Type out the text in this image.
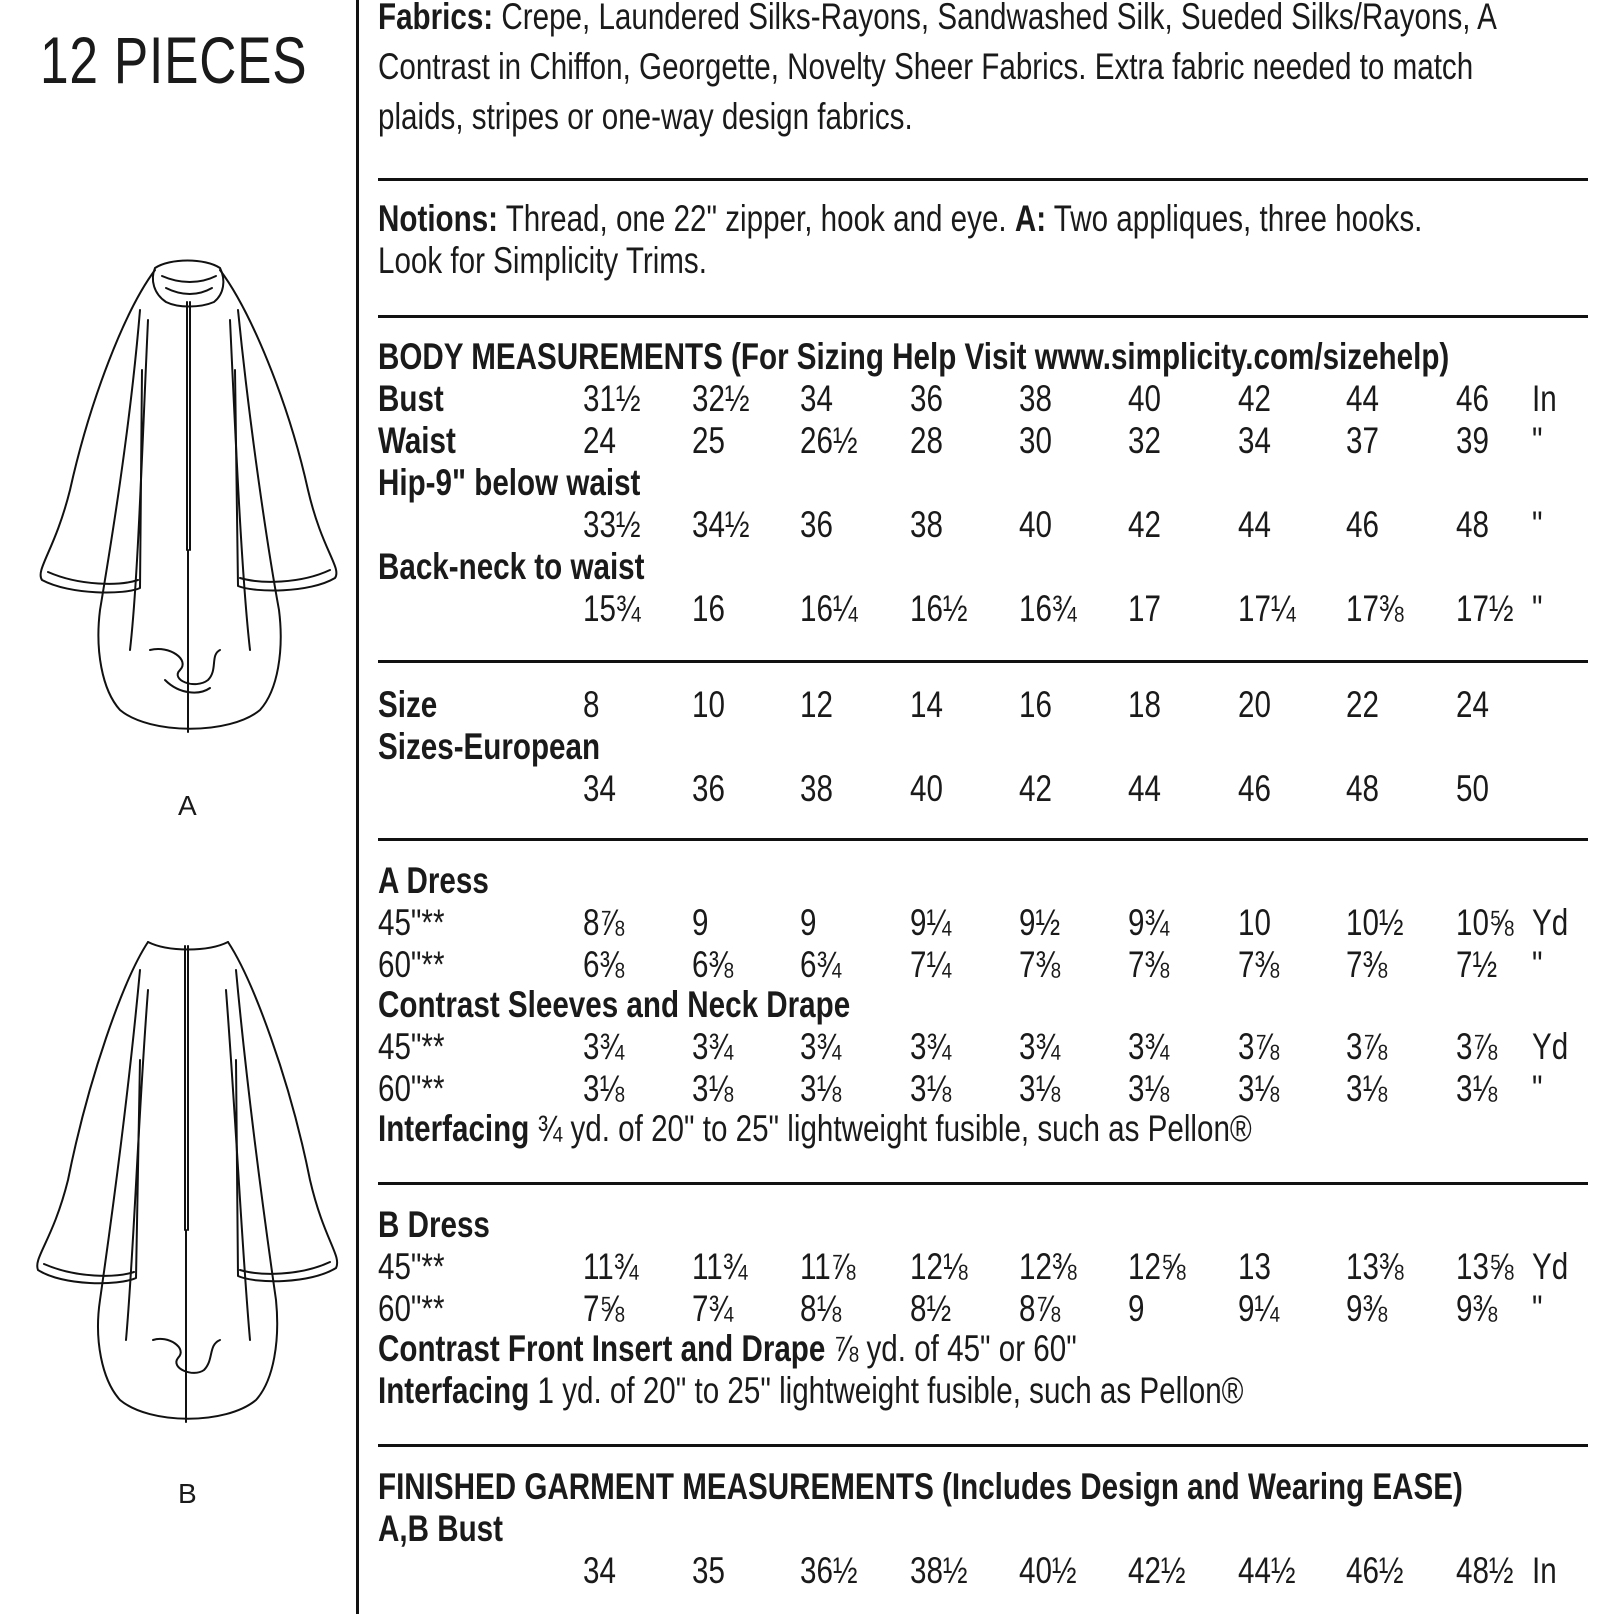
12 PIECES
A
B
Fabrics: Crepe, Laundered Silks-Rayons, Sandwashed Silk, Sueded Silks/Rayons, A
Contrast in Chiffon, Georgette, Novelty Sheer Fabrics. Extra fabric needed to match
plaids, stripes or one-way design fabrics.
Notions: Thread, one 22" zipper, hook and eye. A: Two appliques, three hooks.
Look for Simplicity Trims.
BODY MEASUREMENTS (For Sizing Help Visit www.simplicity.com/sizehelp)
Bust	31½ 32½ 34 36 38 40 42 44 46 In
Waist	24 25 26½ 28 30 32 34 37 39 "
Hip-9" below waist
33½ 34½ 36 38 40 42 44 46 48 "
Back-neck to waist
15¾ 16 16¼ 16½ 16¾ 17 17¼ 17⅜ 17½ "
Size	8	10 12 14 16 18 20 22 24
Sizes-European
34 36 38 40 42 44 46 48 50
A Dress
45"**	8⅞ 9 9	9¼ 9½ 9¾ 10 10½ 10⅝ Yd
60"**	6⅜ 6⅜ 6¾ 7¼ 7⅜ 7⅜ 7⅜ 7⅜ 7½ "
Contrast Sleeves and Neck Drape
45"**	3¾ 3¾ 3¾ 3¾ 3¾ 3¾ 3⅞ 3⅞ 3⅞ Yd
60"**	3⅛ 3⅛ 3⅛ 3⅛ 3⅛ 3⅛ 3⅛ 3⅛ 3⅛ "
Interfacing ¾ yd. of 20" to 25" lightweight fusible, such as Pellon®
B Dress
45"**	11¾ 11¾ 11⅞ 12⅛ 12⅜ 12⅝ 13 13⅜ 13⅝ Yd
60"**	7⅝ 7¾ 8⅛ 8½ 8⅞ 9	9¼ 9⅜ 9⅜ "
Contrast Front Insert and Drape ⅞ yd. of 45" or 60"
Interfacing 1 yd. of 20" to 25" lightweight fusible, such as Pellon®
FINISHED GARMENT MEASUREMENTS (Includes Design and Wearing EASE)
A,B Bust
34 35 36½ 38½ 40½ 42½ 44½ 46½ 48½ In
